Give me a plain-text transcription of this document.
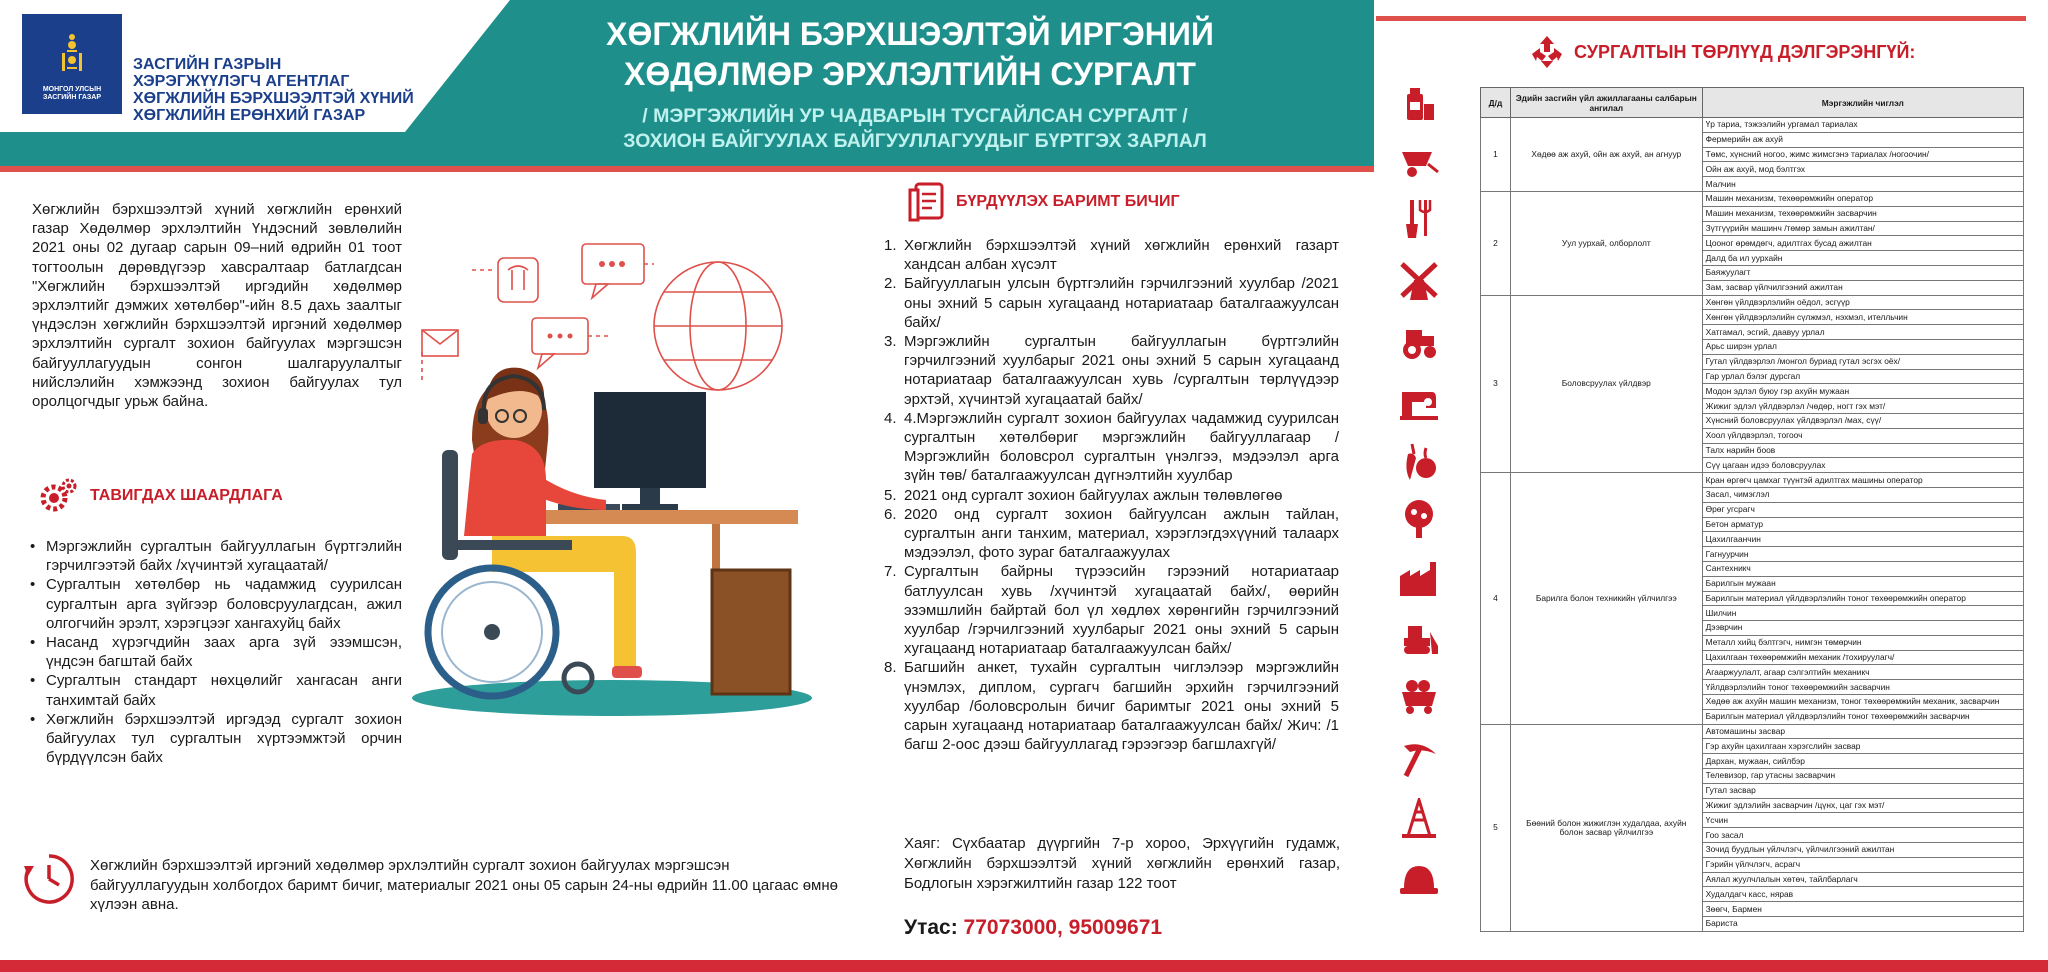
МОНГОЛ УЛСЫН ЗАСГИЙН ГАЗАР
ЗАСГИЙН ГАЗРЫН
ХЭРЭГЖҮҮЛЭГЧ АГЕНТЛАГ
ХӨГЖЛИЙН БЭРХШЭЭЛТЭЙ ХҮНИЙ
ХӨГЖЛИЙН ЕРӨНХИЙ ГАЗАР
ХӨГЖЛИЙН БЭРХШЭЭЛТЭЙ ИРГЭНИЙ
ХӨДӨЛМӨР ЭРХЛЭЛТИЙН СУРГАЛТ
/ МЭРГЭЖЛИЙН УР ЧАДВАРЫН ТУСГАЙЛСАН СУРГАЛТ /
ЗОХИОН БАЙГУУЛАХ БАЙГУУЛЛАГУУДЫГ БҮРТГЭХ ЗАРЛАЛ
Хөгжлийн бэрхшээлтэй хүний хөгжлийн ерөнхий газар Хөдөлмөр эрхлэлтийн Үндэсний зөвлөлийн 2021 оны 02 дугаар сарын 09–ний өдрийн 01 тоот тогтоолын дөрөвдүгээр хавсралтаар батлагдсан "Хөгжлийн бэрхшээлтэй иргэдийн хөдөлмөр эрхлэлтийг дэмжих хөтөлбөр"-ийн 8.5 дахь заалтыг үндэслэн хөгжлийн бэрхшээлтэй иргэний хөдөлмөр эрхлэлтийн сургалт зохион байгуулах мэргэшсэн байгууллагуудын сонгон шалгаруулалтыг нийслэлийн хэмжээнд зохион байгуулах тул оролцогчдыг урьж байна.
ТАВИГДАХ ШААРДЛАГА
• Мэргэжлийн сургалтын байгууллагын бүртгэлийн гэрчилгээтэй байх /хүчинтэй хугацаатай/
• Сургалтын хөтөлбөр нь чадамжид суурилсан сургалтын арга зүйгээр боловсруулагдсан, ажил олгогчийн эрэлт, хэрэгцээг хангахуйц байх
• Насанд хүрэгчдийн заах арга зүй эзэмшсэн, үндсэн багштай байх
• Сургалтын стандарт нөхцөлийг хангасан анги танхимтай байх
• Хөгжлийн бэрхшээлтэй иргэдэд сургалт зохион байгуулах тул сургалтын хүртээмжтэй орчин бүрдүүлсэн байх
Хөгжлийн бэрхшээлтэй иргэний хөдөлмөр эрхлэлтийн сургалт зохион байгуулах мэргэшсэн байгууллагуудын холбогдох баримт бичиг, материалыг 2021 оны 05 сарын 24-ны өдрийн 11.00 цагаас өмнө хүлээн авна.
БҮРДҮҮЛЭХ БАРИМТ БИЧИГ
1. Хөгжлийн бэрхшээлтэй хүний хөгжлийн ерөнхий газарт хандсан албан хүсэлт
2. Байгууллагын улсын бүртгэлийн гэрчилгээний хуулбар /2021 оны эхний 5 сарын хугацаанд нотариатаар баталгаажуулсан байх/
3. Мэргэжлийн сургалтын байгууллагын бүртгэлийн гэрчилгээний хуулбарыг 2021 оны эхний 5 сарын хугацаанд нотариатаар баталгаажуулсан хувь /сургалтын төрлүүдээр эрхтэй, хүчинтэй хугацаатай байх/
4. 4.Мэргэжлийн сургалт зохион байгуулах чадамжид суурилсан сургалтын хөтөлбөриг мэргэжлийн байгууллагаар / Мэргэжлийн боловсрол сургалтын үнэлгээ, мэдээлэл арга зүйн төв/ баталгаажуулсан дүгнэлтийн хуулбар
5. 2021 онд сургалт зохион байгуулах ажлын төлөвлөгөө
6. 2020 онд сургалт зохион байгуулсан ажлын тайлан, сургалтын анги танхим, материал, хэрэглэгдэхүүний талаарх мэдээлэл, фото зураг баталгаажуулах
7. Сургалтын байрны түрээсийн гэрээний нотариатаар батлуулсан хувь /хүчинтэй хугацаатай байх/, өөрийн эзэмшлийн байртай бол үл хөдлөх хөрөнгийн гэрчилгээний хуулбар /гэрчилгээний хуулбарыг 2021 оны эхний 5 сарын хугацаанд нотариатаар баталгаажуулсан байх/
8. Багшийн анкет, тухайн сургалтын чиглэлээр мэргэжлийн үнэмлэх, диплом, сургагч багшийн эрхийн гэрчилгээний хуулбар /боловсролын бичиг баримтыг 2021 оны эхний 5 сарын хугацаанд нотариатаар баталгаажуулсан байх/ Жич: /1 багш 2-оос дээш байгууллагад гэрээгээр багшлахгүй/
Хаяг: Сүхбаатар дүүргийн 7-р хороо, Эрхүүгийн гудамж, Хөгжлийн бэрхшээлтэй хүний хөгжлийн ерөнхий газар, Бодлогын хэрэгжилтийн газар 122 тоот
Утас: 77073000, 95009671
СУРГАЛТЫН ТӨРЛҮҮД ДЭЛГЭРЭНГҮЙ:
Д/д	Эдийн засгийн үйл ажиллагааны салбарын ангилал	Мэргэжлийн чиглэл
1	Хөдөө аж ахуй, ойн аж ахуй, ан агнуур	Үр тариа, тэжээлийн ургамал тариалах
		Фермерийн аж ахуй
		Төмс, хүнсний ногоо, жимс жимсгэнэ тариалах /ногоочин/
		Ойн аж ахуй, мод бэлтгэх
		Малчин
2	Уул уурхай, олборлолт	Машин механизм, техөөрөмжийн оператор
		Машин механизм, техөөрөмжийн засварчин
		Зүтгүүрийн машинч /төмөр замын ажилтан/
		Цооног өрөмдөгч, адилтгах бусад ажилтан
		Далд ба ил уурхайн
		Баяжуулагт
		Зам, засвар үйлчилгээний ажилтан
3	Боловсруулах үйлдвэр	Хөнгөн үйлдвэрлэлийн оёдол, эсгүүр
		Хөнгөн үйлдвэрлэлийн сүлжмэл, нэхмэл, ителльчин
		Хатгамал, эсгий, даавуу урлал
		Арьс ширэн урлал
		Гутал үйлдвэрлэл /монгол буриад гутал эсгэх оёх/
		Гар урлал бэлэг дурсгал
		Модон эдлэл буюу гэр ахуйн мужаан
		Жижиг эдлэл үйлдвэрлэл /чөдөр, ногт гэх мэт/
		Хүнсний боловсруулах үйлдвэрлэл /мах, сүү/
		Хоол үйлдвэрлэл, тогооч
		Талх нарийн боов
		Сүү цагаан идээ боловсруулах
4	Барилга болон техникийн үйлчилгээ	Кран өргөгч цамхаг түүнтэй адилтгах машины оператор
		Засал, чимэглэл
		Өрөг угсрагч
		Бетон арматур
		Цахилгаанчин
		Гагнуурчин
		Сантехникч
		Барилгын мужаан
		Барилгын материал үйлдвэрлэлийн тоног төхөөрөмжийн оператор
		Шилчин
		Дээврчин
		Металл хийц бэлтгэгч, нимгэн төмөрчин
		Цахилгаан төхөөрөмжийн механик /тохируулагч/
		Агааржуулалт, агаар сэлгэлтийн механикч
		Үйлдвэрлэлийн тоног төхөөрөмжийн засварчин
		Хөдөө аж ахуйн машин механизм, тоног төхөөрөмжийн механик, засварчин
		Барилгын материал үйлдвэрлэлийн тоног төхөөрөмжийн засварчин
5	Бөөний болон жижиглэн худалдаа, ахуйн болон засвар үйлчилгээ	Автомашины засвар
		Гэр ахуйн цахилгаан хэрэгслийн засвар
		Дархан, мужаан, сийлбэр
		Телевизор, гар утасны засварчин
		Гутал засвар
		Жижиг эдлэлийн засварчин /цүнх, цаг гэх мэт/
		Үсчин
		Гоо засал
		Зочид буудлын үйлчлэгч, үйлчилгээний ажилтан
		Гэрийн үйлчлэгч, асрагч
		Аялал жуулчлалын хөтөч, тайлбарлагч
		Худалдагч касс, нярав
		Зөөгч, Бармен
		Бариста
